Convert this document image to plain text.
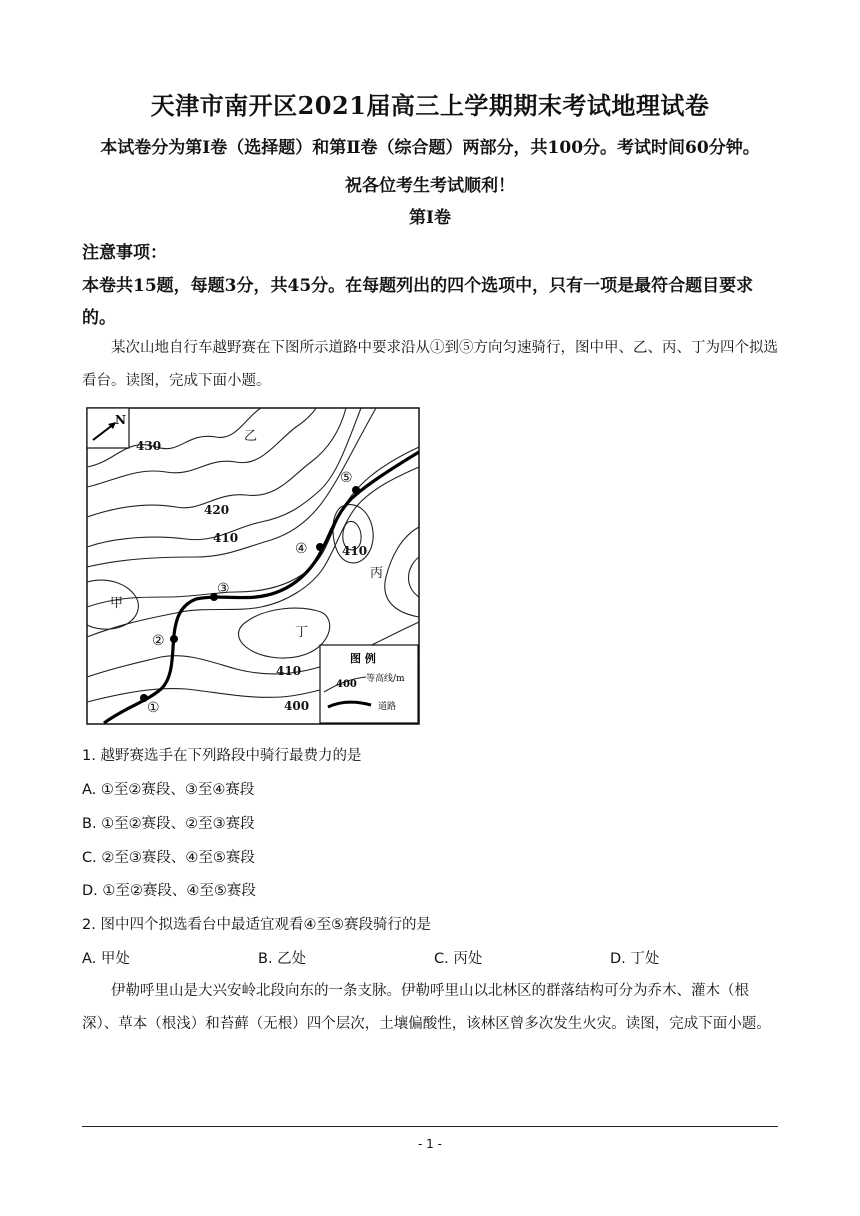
天津市南开区2021届高三上学期期末考试地理试卷
本试卷分为第Ⅰ卷（选择题）和第Ⅱ卷（综合题）两部分，共100分。考试时间60分钟。
祝各位考生考试顺利！
第Ⅰ卷
注意事项：
本卷共15题，每题3分，共45分。在每题列出的四个选项中，只有一项是最符合题目要求的。
某次山地自行车越野赛在下图所示道路中要求沿从①到⑤方向匀速骑行，图中甲、乙、丙、丁为四个拟选看台。读图，完成下面小题。
N
430
420
410
410
410
400
甲
乙
丙
丁
①
②
③
④
⑤
图 例
400 等高线/m
道路
1. 越野赛选手在下列路段中骑行最费力的是
A. ①至②赛段、③至④赛段
B. ①至②赛段、②至③赛段
C. ②至③赛段、④至⑤赛段
D. ①至②赛段、④至⑤赛段
2. 图中四个拟选看台中最适宜观看④至⑤赛段骑行的是
A. 甲处	B. 乙处	C. 丙处	D. 丁处
伊勒呼里山是大兴安岭北段向东的一条支脉。伊勒呼里山以北林区的群落结构可分为乔木、灌木（根深）、草本（根浅）和苔藓（无根）四个层次，土壤偏酸性，该林区曾多次发生火灾。读图，完成下面小题。
- 1 -
